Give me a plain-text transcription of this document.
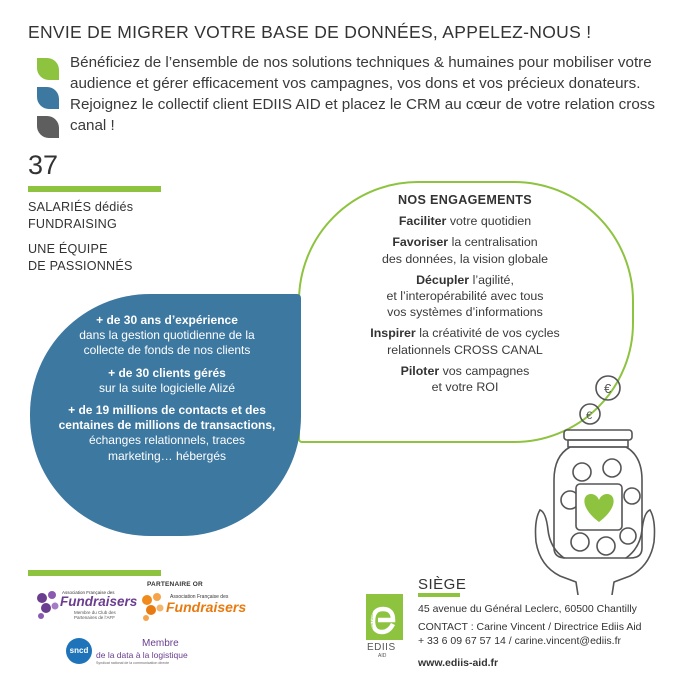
ENVIE DE MIGRER VOTRE BASE DE DONNÉES, APPELEZ-NOUS !
Bénéficiez de l’ensemble de nos solutions techniques & humaines pour mobiliser votre audience et gérer efficacement vos campagnes, vos dons et vos précieux donateurs. Rejoignez le collectif client EDIIS AID et placez le CRM au cœur de votre relation cross canal !
37
SALARIÉS dédiés
FUNDRAISING
UNE ÉQUIPE
DE PASSIONNÉS
NOS ENGAGEMENTS
Faciliter votre quotidien
Favoriser la centralisation
des données, la vision globale
Décupler l’agilité,
et l’interopérabilité avec tous
vos systèmes d’informations
Inspirer la créativité de vos cycles
relationnels CROSS CANAL
Piloter vos campagnes
et votre ROI
+ de 30 ans d’expérience
dans la gestion quotidienne de la
collecte de fonds de nos clients
+ de 30 clients gérés
sur la suite logicielle Alizé
+ de 19 millions de contacts et des centaines de millions de transactions,
échanges relationnels, traces
marketing… hébergés
€
€
PARTENAIRE OR
Association Française des
Fundraisers
Membre du Club des
Partenaires de l’AFF
Association Française des
Fundraisers
sncd
Membre
de la data à la logistique
Syndicat national de la communication directe
100% Fundraising
EDIIS
AID
SIÈGE
45 avenue du Général Leclerc, 60500 Chantilly
CONTACT : Carine Vincent / Directrice Ediis Aid
+ 33 6 09 67 57 14 / carine.vincent@ediis.fr
www.ediis-aid.fr
